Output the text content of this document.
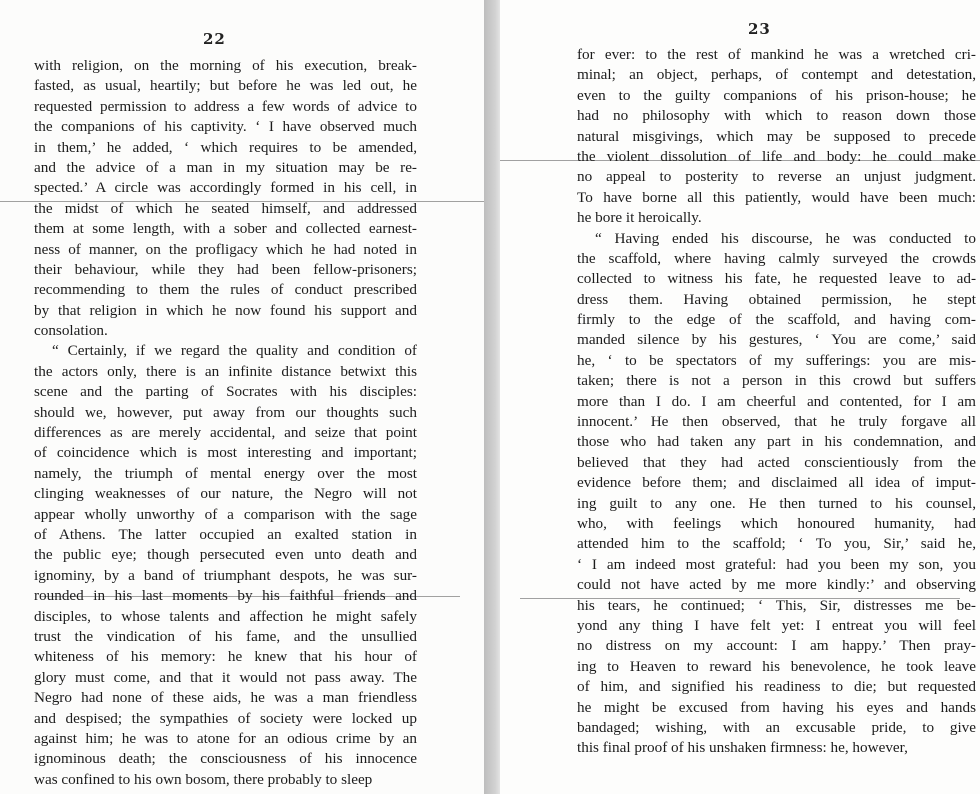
22
with religion, on the morning of his execution, break-
fasted, as usual, heartily; but before he was led out, he
requested permission to address a few words of advice to
the companions of his captivity. ‘ I have observed much
in them,’ he added, ‘ which requires to be amended,
and the advice of a man in my situation may be re-
spected.’ A circle was accordingly formed in his cell, in
the midst of which he seated himself, and addressed
them at some length, with a sober and collected earnest-
ness of manner, on the profligacy which he had noted in
their behaviour, while they had been fellow-prisoners;
recommending to them the rules of conduct prescribed
by that religion in which he now found his support and
consolation.
“ Certainly, if we regard the quality and condition of
the actors only, there is an infinite distance betwixt this
scene and the parting of Socrates with his disciples:
should we, however, put away from our thoughts such
differences as are merely accidental, and seize that point
of coincidence which is most interesting and important;
namely, the triumph of mental energy over the most
clinging weaknesses of our nature, the Negro will not
appear wholly unworthy of a comparison with the sage
of Athens. The latter occupied an exalted station in
the public eye; though persecuted even unto death and
ignominy, by a band of triumphant despots, he was sur-
rounded in his last moments by his faithful friends and
disciples, to whose talents and affection he might safely
trust the vindication of his fame, and the unsullied
whiteness of his memory: he knew that his hour of
glory must come, and that it would not pass away. The
Negro had none of these aids, he was a man friendless
and despised; the sympathies of society were locked up
against him; he was to atone for an odious crime by an
ignominous death; the consciousness of his innocence
was confined to his own bosom, there probably to sleep
23
for ever: to the rest of mankind he was a wretched cri-
minal; an object, perhaps, of contempt and detestation,
even to the guilty companions of his prison-house; he
had no philosophy with which to reason down those
natural misgivings, which may be supposed to precede
the violent dissolution of life and body: he could make
no appeal to posterity to reverse an unjust judgment.
To have borne all this patiently, would have been much:
he bore it heroically.
“ Having ended his discourse, he was conducted to
the scaffold, where having calmly surveyed the crowds
collected to witness his fate, he requested leave to ad-
dress them. Having obtained permission, he stept
firmly to the edge of the scaffold, and having com-
manded silence by his gestures, ‘ You are come,’ said
he, ‘ to be spectators of my sufferings: you are mis-
taken; there is not a person in this crowd but suffers
more than I do. I am cheerful and contented, for I am
innocent.’ He then observed, that he truly forgave all
those who had taken any part in his condemnation, and
believed that they had acted conscientiously from the
evidence before them; and disclaimed all idea of imput-
ing guilt to any one. He then turned to his counsel,
who, with feelings which honoured humanity, had
attended him to the scaffold; ‘ To you, Sir,’ said he,
‘ I am indeed most grateful: had you been my son, you
could not have acted by me more kindly:’ and observing
his tears, he continued; ‘ This, Sir, distresses me be-
yond any thing I have felt yet: I entreat you will feel
no distress on my account: I am happy.’ Then pray-
ing to Heaven to reward his benevolence, he took leave
of him, and signified his readiness to die; but requested
he might be excused from having his eyes and hands
bandaged; wishing, with an excusable pride, to give
this final proof of his unshaken firmness: he, however,
